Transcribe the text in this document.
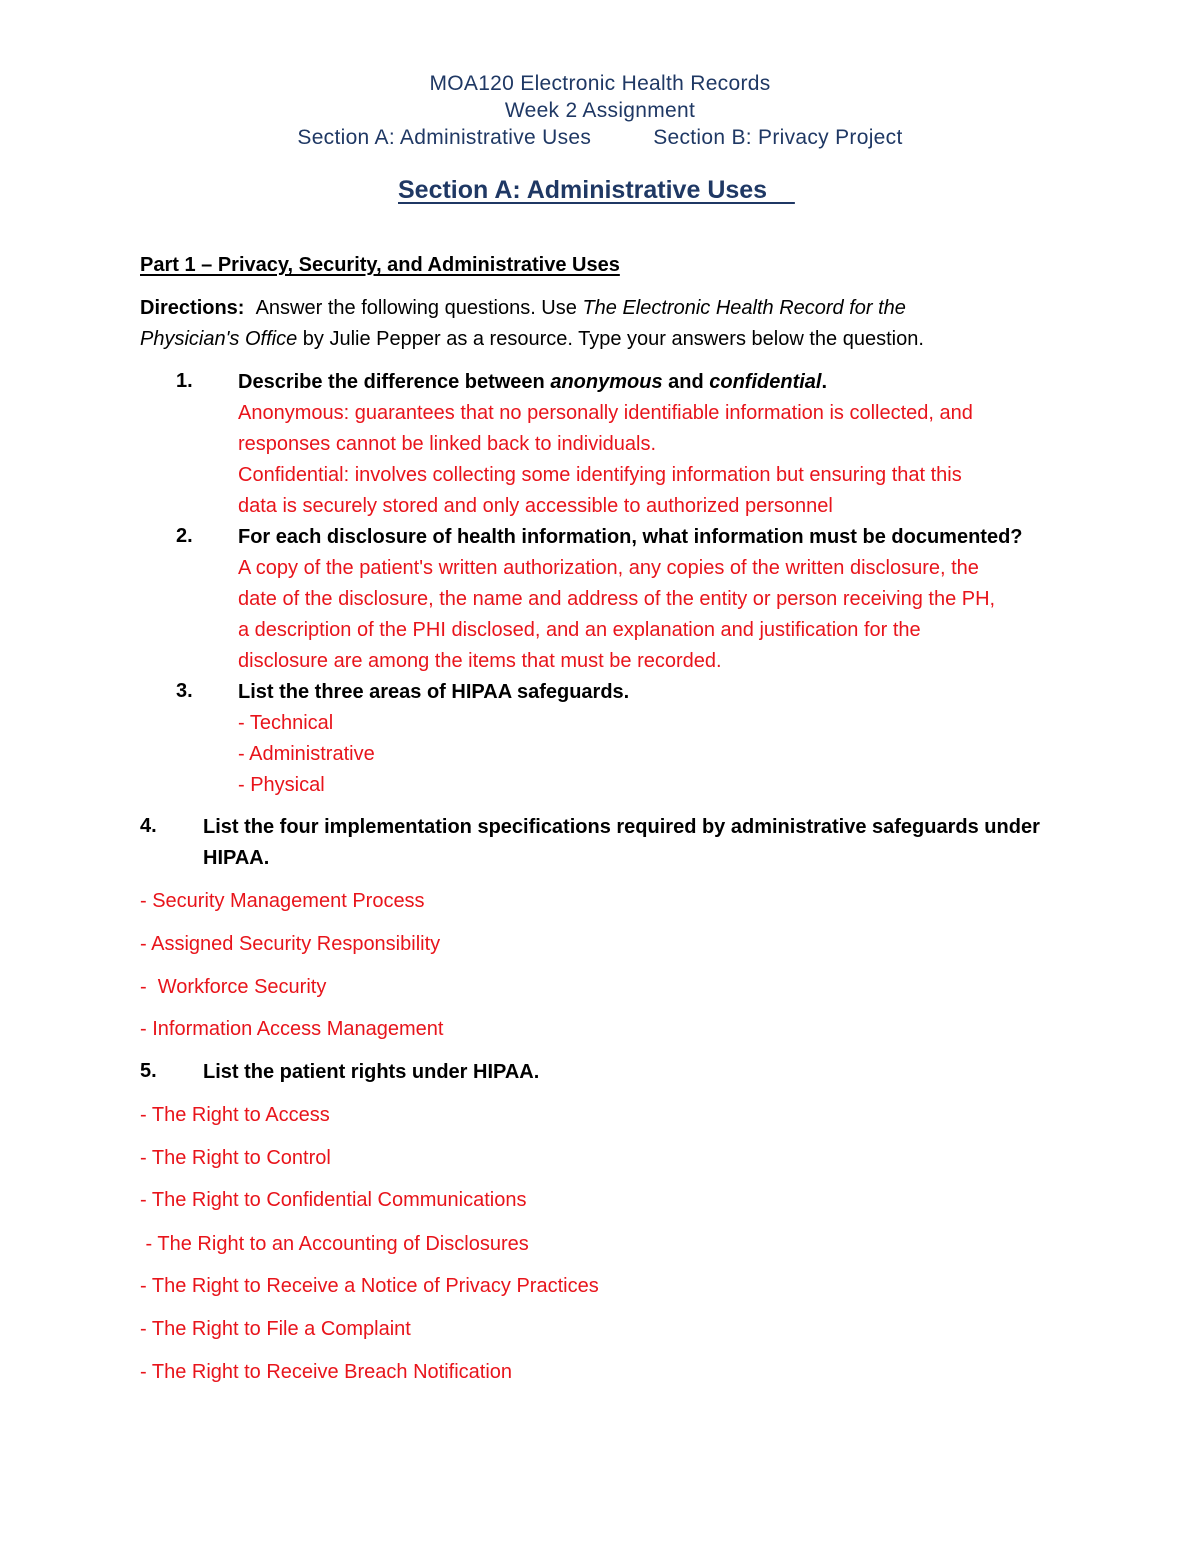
MOA120 Electronic Health Records
Week 2 Assignment
Section A: Administrative Uses	Section B: Privacy Project
Section A: Administrative Uses
Part 1 – Privacy, Security, and Administrative Uses
Directions: Answer the following questions. Use The Electronic Health Record for the
Physician's Office by Julie Pepper as a resource. Type your answers below the question.
1. Describe the difference between anonymous and confidential.
Anonymous: guarantees that no personally identifiable information is collected, and
responses cannot be linked back to individuals.
Confidential: involves collecting some identifying information but ensuring that this
data is securely stored and only accessible to authorized personnel
2. For each disclosure of health information, what information must be documented?
A copy of the patient's written authorization, any copies of the written disclosure, the
date of the disclosure, the name and address of the entity or person receiving the PH,
a description of the PHI disclosed, and an explanation and justification for the
disclosure are among the items that must be recorded.
3. List the three areas of HIPAA safeguards.
- Technical
- Administrative
- Physical
4. List the four implementation specifications required by administrative safeguards under
HIPAA.
- Security Management Process
- Assigned Security Responsibility
-  Workforce Security
- Information Access Management
5. List the patient rights under HIPAA.
- The Right to Access
- The Right to Control
- The Right to Confidential Communications
- The Right to an Accounting of Disclosures
- The Right to Receive a Notice of Privacy Practices
- The Right to File a Complaint
- The Right to Receive Breach Notification
